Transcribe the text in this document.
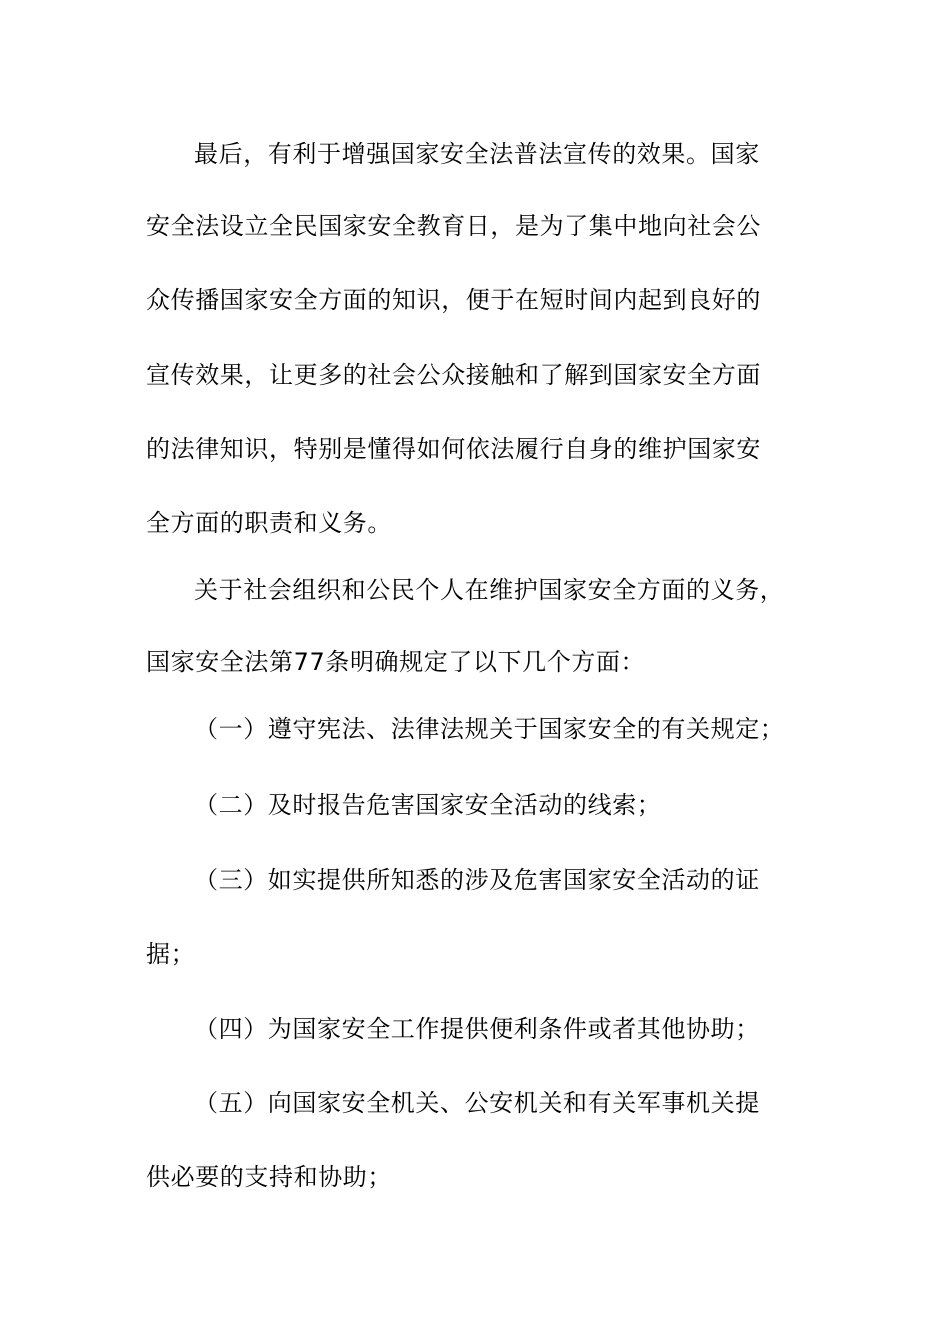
最后，有利于增强国家安全法普法宣传的效果。国家
安全法设立全民国家安全教育日，是为了集中地向社会公
众传播国家安全方面的知识，便于在短时间内起到良好的
宣传效果，让更多的社会公众接触和了解到国家安全方面
的法律知识，特别是懂得如何依法履行自身的维护国家安
全方面的职责和义务。
关于社会组织和公民个人在维护国家安全方面的义务，
国家安全法第77条明确规定了以下几个方面：
（一）遵守宪法、法律法规关于国家安全的有关规定；
（二）及时报告危害国家安全活动的线索；
（三）如实提供所知悉的涉及危害国家安全活动的证
据；
（四）为国家安全工作提供便利条件或者其他协助；
（五）向国家安全机关、公安机关和有关军事机关提
供必要的支持和协助；
